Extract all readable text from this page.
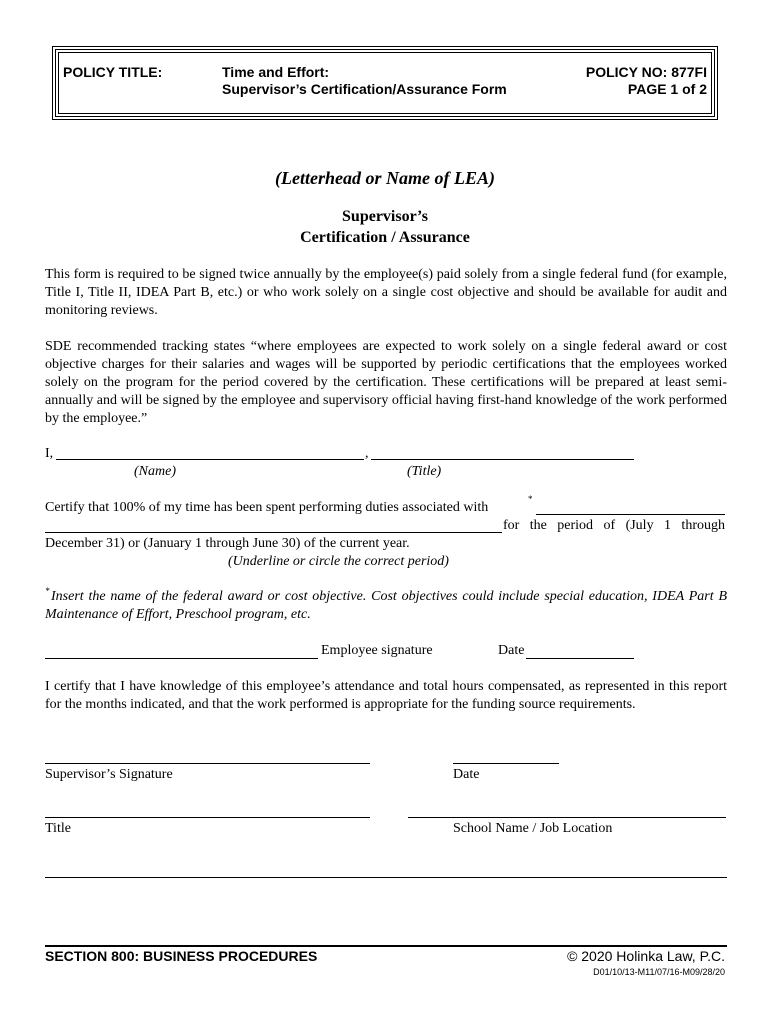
POLICY TITLE:	Time and Effort:
Supervisor’s Certification/Assurance Form
POLICY NO: 877FI
PAGE 1 of 2
(Letterhead or Name of LEA)
Supervisor’s
Certification / Assurance

This form is required to be signed twice annually by the employee(s) paid solely from a single federal fund (for example, Title I, Title II, IDEA Part B, etc.) or who work solely on a single cost objective and should be available for audit and monitoring reviews.

SDE recommended tracking states “where employees are expected to work solely on a single federal award or cost objective charges for their salaries and wages will be supported by periodic certifications that the employees worked solely on the program for the period covered by the certification. These certifications will be prepared at least semi-annually and will be signed by the employee and supervisory official having first-hand knowledge of the work performed by the employee.”

I,	,
(Name)	(Title)
Certify that 100% of my time has been spent performing duties associated with
*
for the period of (July 1 through
December 31) or (January 1 through June 30) of the current year.
(Underline or circle the correct period)
* Insert the name of the federal award or cost objective. Cost objectives could include special education, IDEA Part B Maintenance of Effort, Preschool program, etc.

Employee signature	Date

I certify that I have knowledge of this employee’s attendance and total hours compensated, as represented in this report for the months indicated, and that the work performed is appropriate for the funding source requirements.

Supervisor’s Signature	Date
Title	School Name / Job Location
SECTION 800: BUSINESS PROCEDURES	© 2020 Holinka Law, P.C.
D01/10/13-M11/07/16-M09/28/20
